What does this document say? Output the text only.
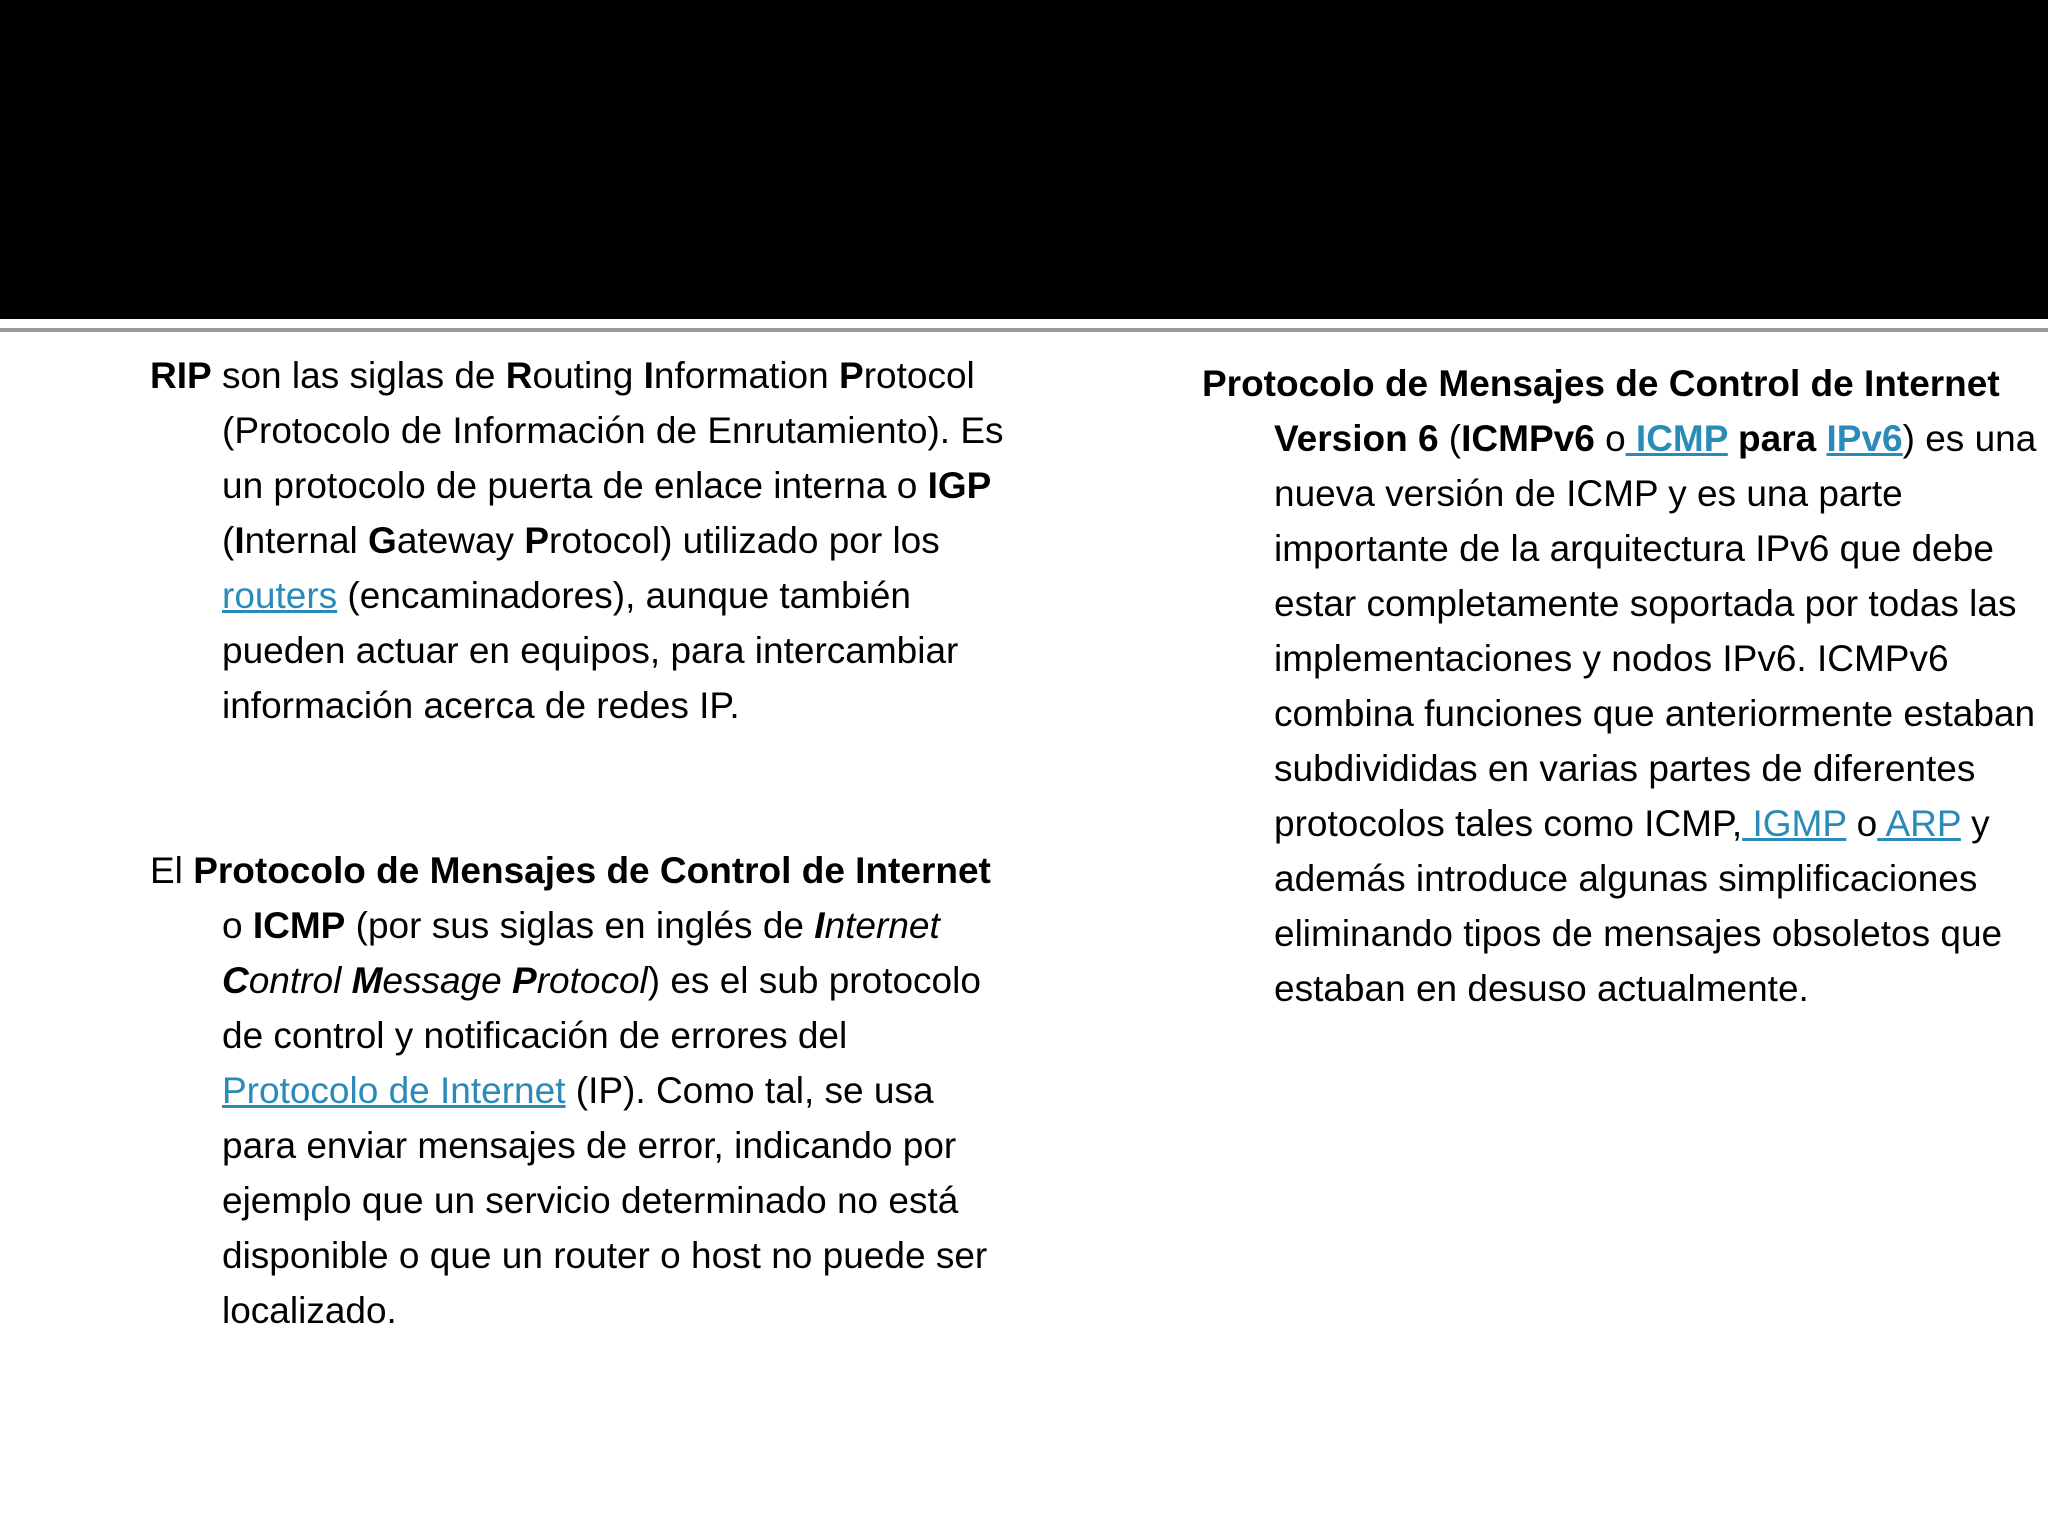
RIP son las siglas de Routing Information Protocol (Protocolo de Información de Enrutamiento). Es un protocolo de puerta de enlace interna o IGP (Internal Gateway Protocol) utilizado por los routers (encaminadores), aunque también pueden actuar en equipos, para intercambiar información acerca de redes IP.

El Protocolo de Mensajes de Control de Internet o ICMP (por sus siglas en inglés de Internet Control Message Protocol) es el sub protocolo de control y notificación de errores del Protocolo de Internet (IP). Como tal, se usa para enviar mensajes de error, indicando por ejemplo que un servicio determinado no está disponible o que un router o host no puede ser localizado.

Protocolo de Mensajes de Control de Internet Version 6 (ICMPv6 o ICMP para IPv6) es una nueva versión de ICMP y es una parte importante de la arquitectura IPv6 que debe estar completamente soportada por todas las implementaciones y nodos IPv6. ICMPv6 combina funciones que anteriormente estaban subdivididas en varias partes de diferentes protocolos tales como ICMP, IGMP o ARP y además introduce algunas simplificaciones eliminando tipos de mensajes obsoletos que estaban en desuso actualmente.
